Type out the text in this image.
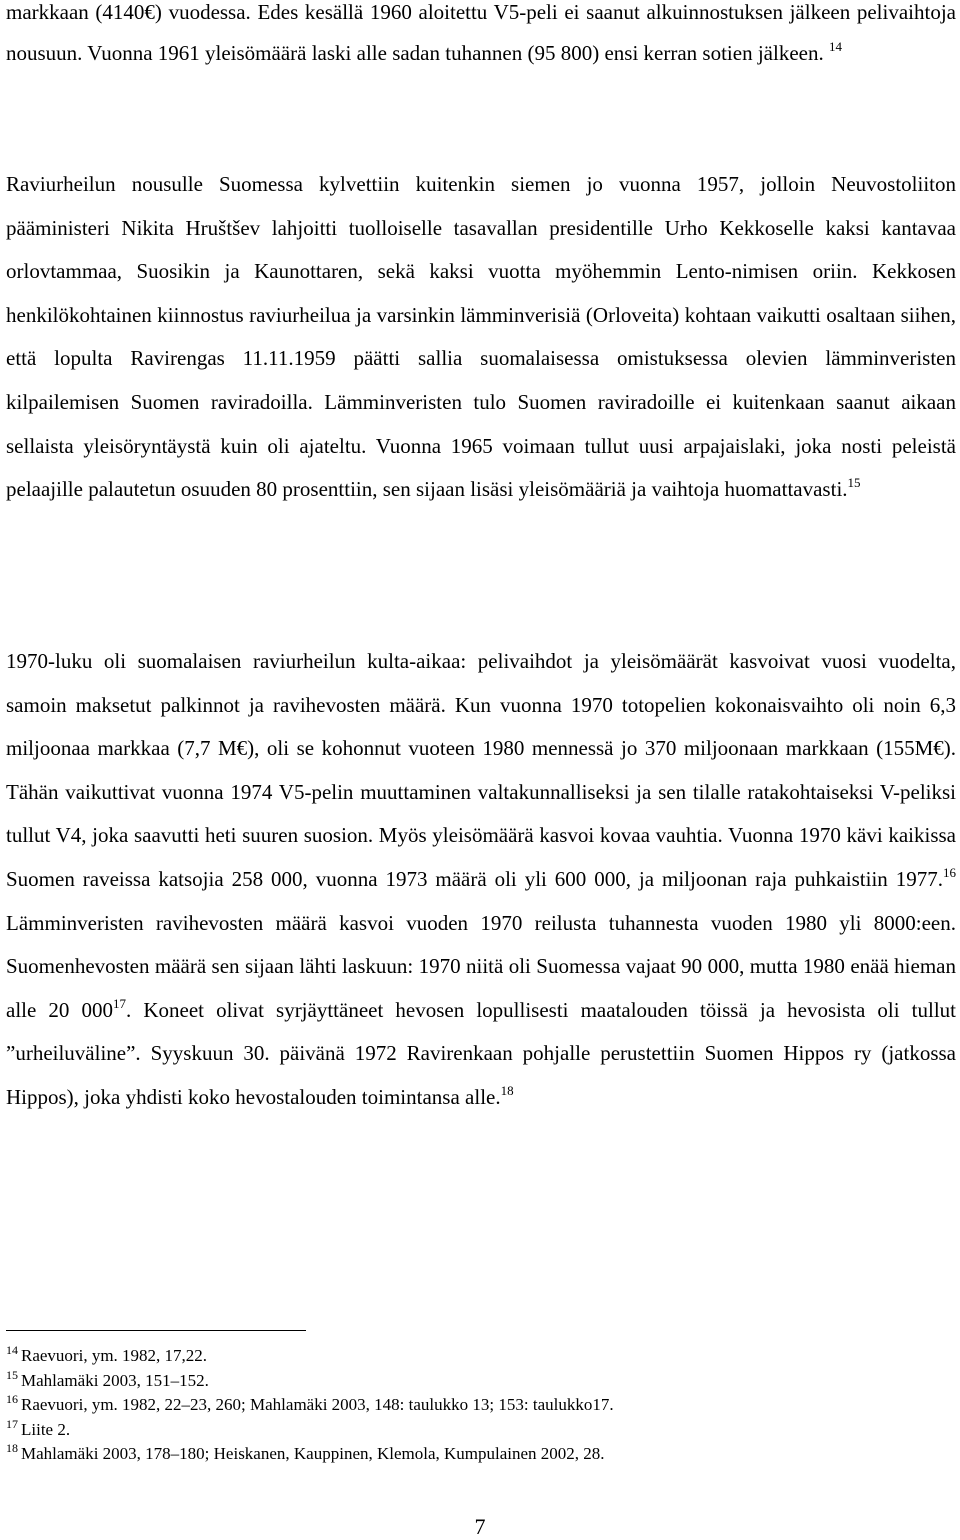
markkaan (4140€) vuodessa. Edes kesällä 1960 aloitettu V5-peli ei saanut alkuinnostuksen jälkeen pelivaihtoja nousuun. Vuonna 1961 yleisömäärä laski alle sadan tuhannen (95 800) ensi kerran sotien jälkeen. $^{14}$

Raviurheilun nousulle Suomessa kylvettiin kuitenkin siemen jo vuonna 1957, jolloin Neuvostoliiton pääministeri Nikita Hruštšev lahjoitti tuolloiselle tasavallan presidentille Urho Kekkoselle kaksi kantavaa orlovtammaa, Suosikin ja Kaunottaren, sekä kaksi vuotta myöhemmin Lento-nimisen oriin. Kekkosen henkilökohtainen kiinnostus raviurheilua ja varsinkin lämminverisiä (Orloveita) kohtaan vaikutti osaltaan siihen, että lopulta Ravirengas 11.11.1959 päätti sallia suomalaisessa omistuksessa olevien lämminveristen kilpailemisen Suomen raviradoilla. Lämminveristen tulo Suomen raviradoille ei kuitenkaan saanut aikaan sellaista yleisöryntäystä kuin oli ajateltu. Vuonna 1965 voimaan tullut uusi arpajaislaki, joka nosti peleistä pelaajille palautetun osuuden 80 prosenttiin, sen sijaan lisäsi yleisömääriä ja vaihtoja huomattavasti.$^{15}$

1970-luku oli suomalaisen raviurheilun kulta-aikaa: pelivaihdot ja yleisömäärät kasvoivat vuosi vuodelta, samoin maksetut palkinnot ja ravihevosten määrä. Kun vuonna 1970 totopelien kokonaisvaihto oli noin 6,3 miljoonaa markkaa (7,7 M€), oli se kohonnut vuoteen 1980 mennessä jo 370 miljoonaan markkaan (155M€). Tähän vaikuttivat vuonna 1974 V5-pelin muuttaminen valtakunnalliseksi ja sen tilalle ratakohtaiseksi V-peliksi tullut V4, joka saavutti heti suuren suosion. Myös yleisömäärä kasvoi kovaa vauhtia. Vuonna 1970 kävi kaikissa Suomen raveissa katsojia 258 000, vuonna 1973 määrä oli yli 600 000, ja miljoonan raja puhkaistiin 1977.16 Lämminveristen ravihevosten määrä kasvoi vuoden 1970 reilusta tuhannesta vuoden 1980 yli 8000:een. Suomenhevosten määrä sen sijaan lähti laskuun: 1970 niitä oli Suomessa vajaat 90 000, mutta 1980 enää hieman alle 20 $000^{17}$. Koneet olivat syrjäyttäneet hevosen lopullisesti maatalouden töissä ja hevosista oli tullut ”urheiluväline”. Syyskuun 30. päivänä 1972 Ravirenkaan pohjalle perustettiin Suomen Hippos ry (jatkossa Hippos), joka yhdisti koko hevostalouden toimintansa alle.$^{18}$

$^{14}$ Raevuori, ym. 1982, 17,22.
$^{15}$ Mahlamäki 2003, 151–152.
$^{16}$ Raevuori, ym. 1982, 22–23, 260; Mahlamäki 2003, 148: taulukko 13; 153: taulukko17.
$^{17}$ Liite 2.
$^{18}$ Mahlamäki 2003, 178–180; Heiskanen, Kauppinen, Klemola, Kumpulainen 2002, 28.
7
